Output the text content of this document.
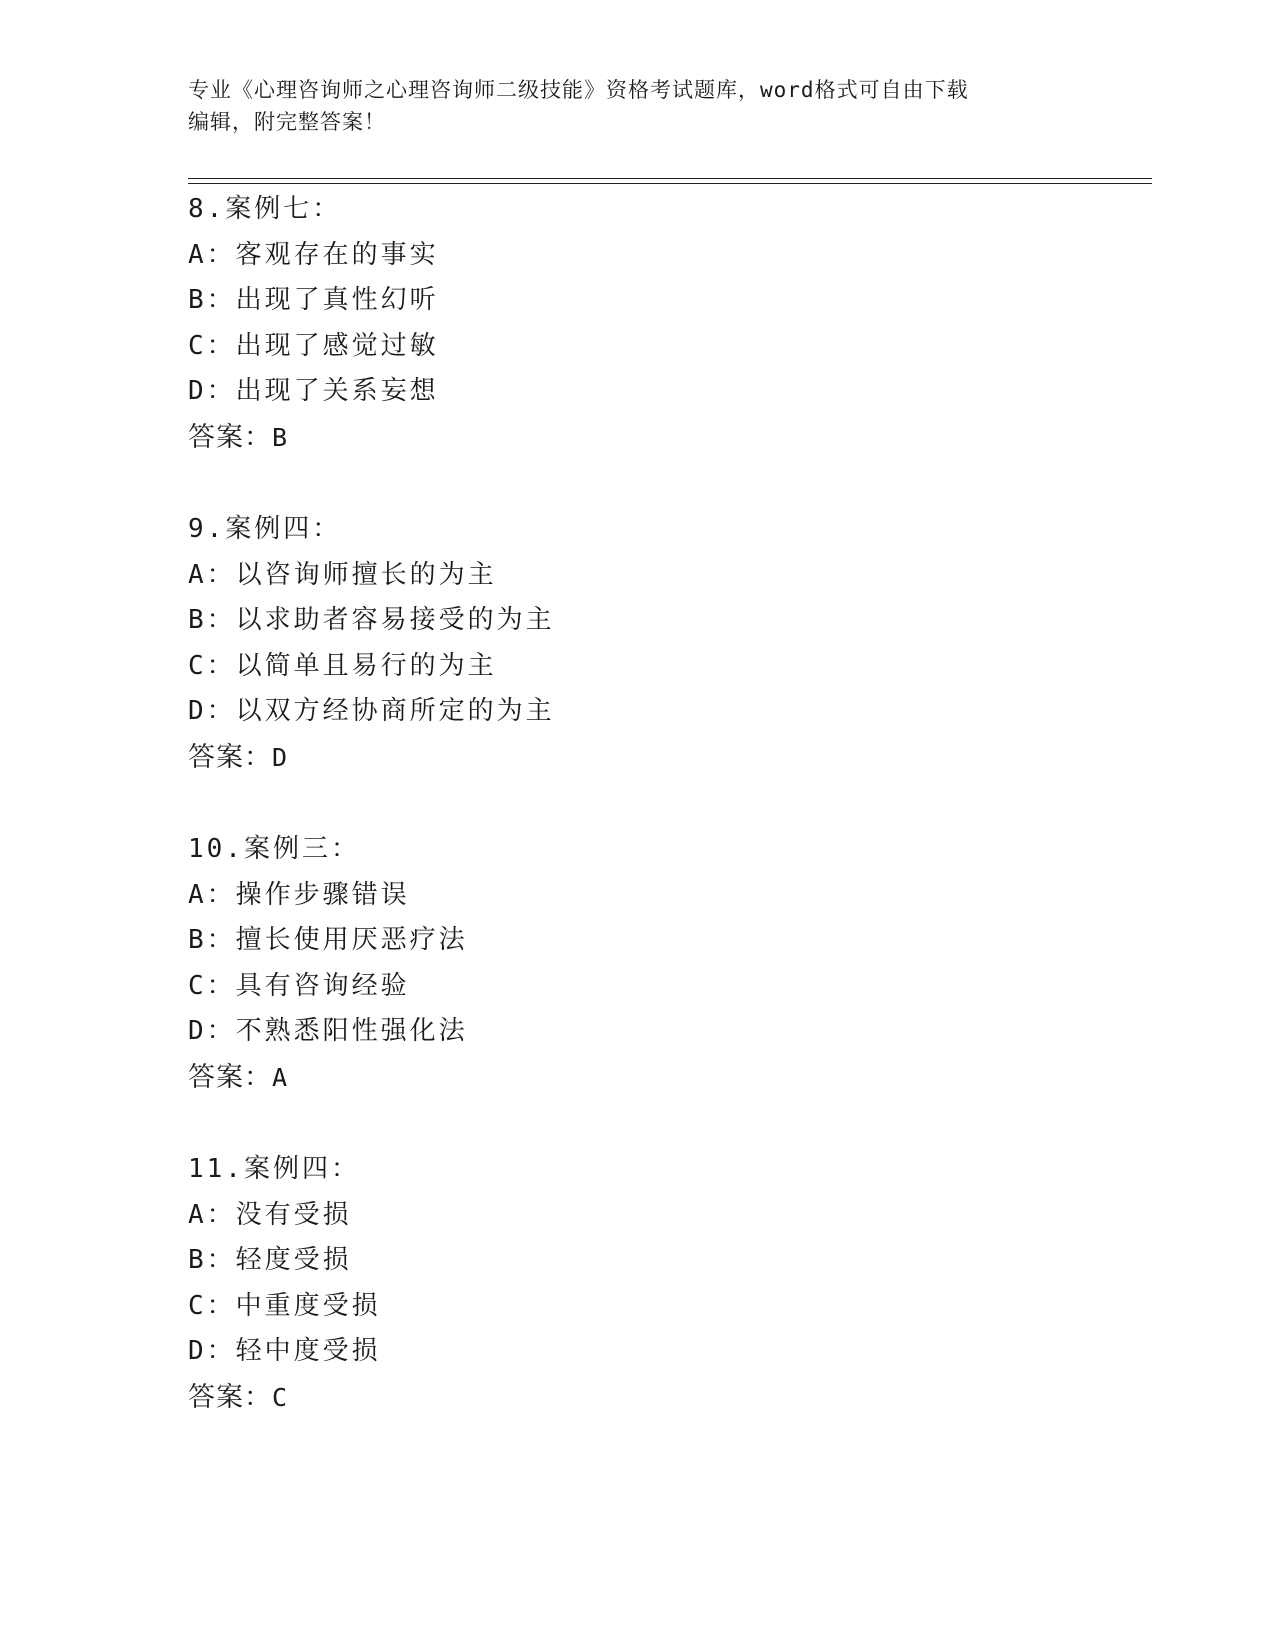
专业《心理咨询师之心理咨询师二级技能》资格考试题库，word格式可自由下载
编辑，附完整答案！
8.案例七：
A：客观存在的事实
B：出现了真性幻听
C：出现了感觉过敏
D：出现了关系妄想
答案：B
9.案例四：
A：以咨询师擅长的为主
B：以求助者容易接受的为主
C：以简单且易行的为主
D：以双方经协商所定的为主
答案：D
10.案例三：
A：操作步骤错误
B：擅长使用厌恶疗法
C：具有咨询经验
D：不熟悉阳性强化法
答案：A
11.案例四：
A：没有受损
B：轻度受损
C：中重度受损
D：轻中度受损
答案：C
